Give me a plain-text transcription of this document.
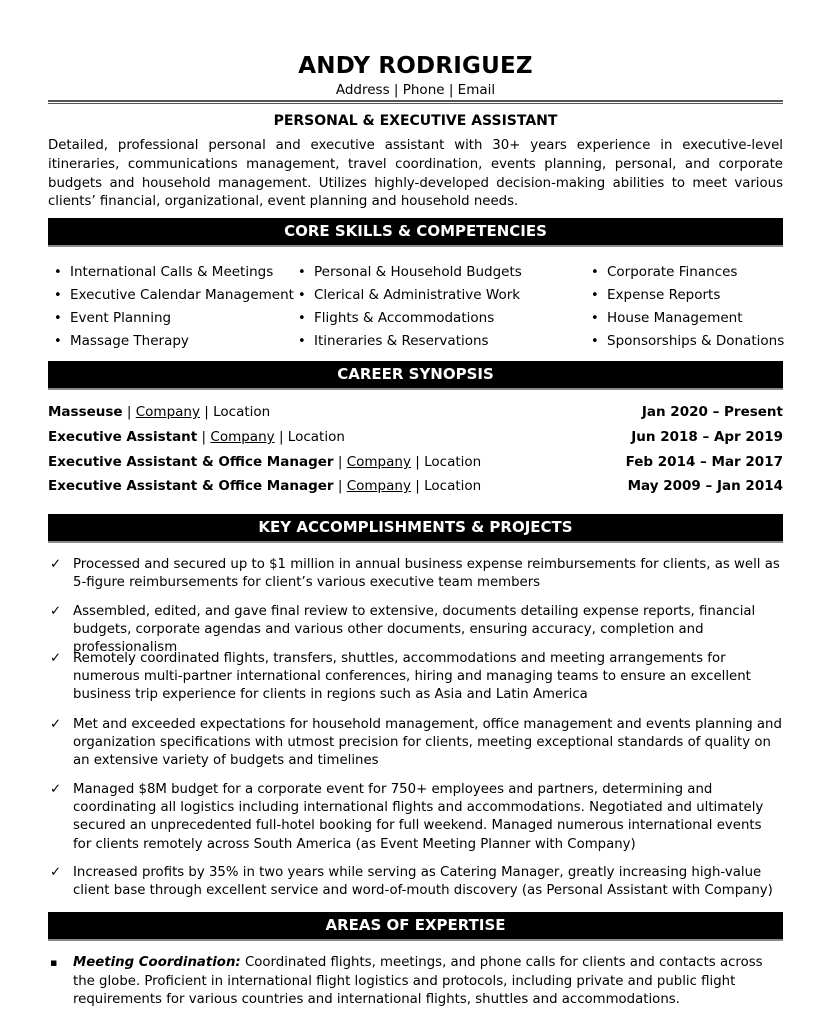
ANDY RODRIGUEZ
Address | Phone | Email
PERSONAL & EXECUTIVE ASSISTANT
Detailed, professional personal and executive assistant with 30+ years experience in executive-level itineraries, communications management, travel coordination, events planning, personal, and corporate budgets and household management. Utilizes highly-developed decision-making abilities to meet various clients’ financial, organizational, event planning and household needs.
CORE SKILLS & COMPETENCIES
• International Calls & Meetings
• Executive Calendar Management
• Event Planning
• Massage Therapy
• Personal & Household Budgets
• Clerical & Administrative Work
• Flights & Accommodations
• Itineraries & Reservations
• Corporate Finances
• Expense Reports
• House Management
• Sponsorships & Donations
CAREER SYNOPSIS
Masseuse | Company | Location	Jan 2020 – Present
Executive Assistant | Company | Location	Jun 2018 – Apr 2019
Executive Assistant & Office Manager | Company | Location	Feb 2014 – Mar 2017
Executive Assistant & Office Manager | Company | Location	May 2009 – Jan 2014
KEY ACCOMPLISHMENTS & PROJECTS
✓ Processed and secured up to $1 million in annual business expense reimbursements for clients, as well as 5-figure reimbursements for client’s various executive team members
✓ Assembled, edited, and gave final review to extensive, documents detailing expense reports, financial budgets, corporate agendas and various other documents, ensuring accuracy, completion and professionalism
✓ Remotely coordinated flights, transfers, shuttles, accommodations and meeting arrangements for numerous multi-partner international conferences, hiring and managing teams to ensure an excellent business trip experience for clients in regions such as Asia and Latin America
✓ Met and exceeded expectations for household management, office management and events planning and organization specifications with utmost precision for clients, meeting exceptional standards of quality on an extensive variety of budgets and timelines
✓ Managed $8M budget for a corporate event for 750+ employees and partners, determining and coordinating all logistics including international flights and accommodations. Negotiated and ultimately secured an unprecedented full-hotel booking for full weekend. Managed numerous international events for clients remotely across South America (as Event Meeting Planner with Company)
✓ Increased profits by 35% in two years while serving as Catering Manager, greatly increasing high-value client base through excellent service and word-of-mouth discovery (as Personal Assistant with Company)
AREAS OF EXPERTISE
▪ Meeting Coordination: Coordinated flights, meetings, and phone calls for clients and contacts across the globe. Proficient in international flight logistics and protocols, including private and public flight requirements for various countries and international flights, shuttles and accommodations.
